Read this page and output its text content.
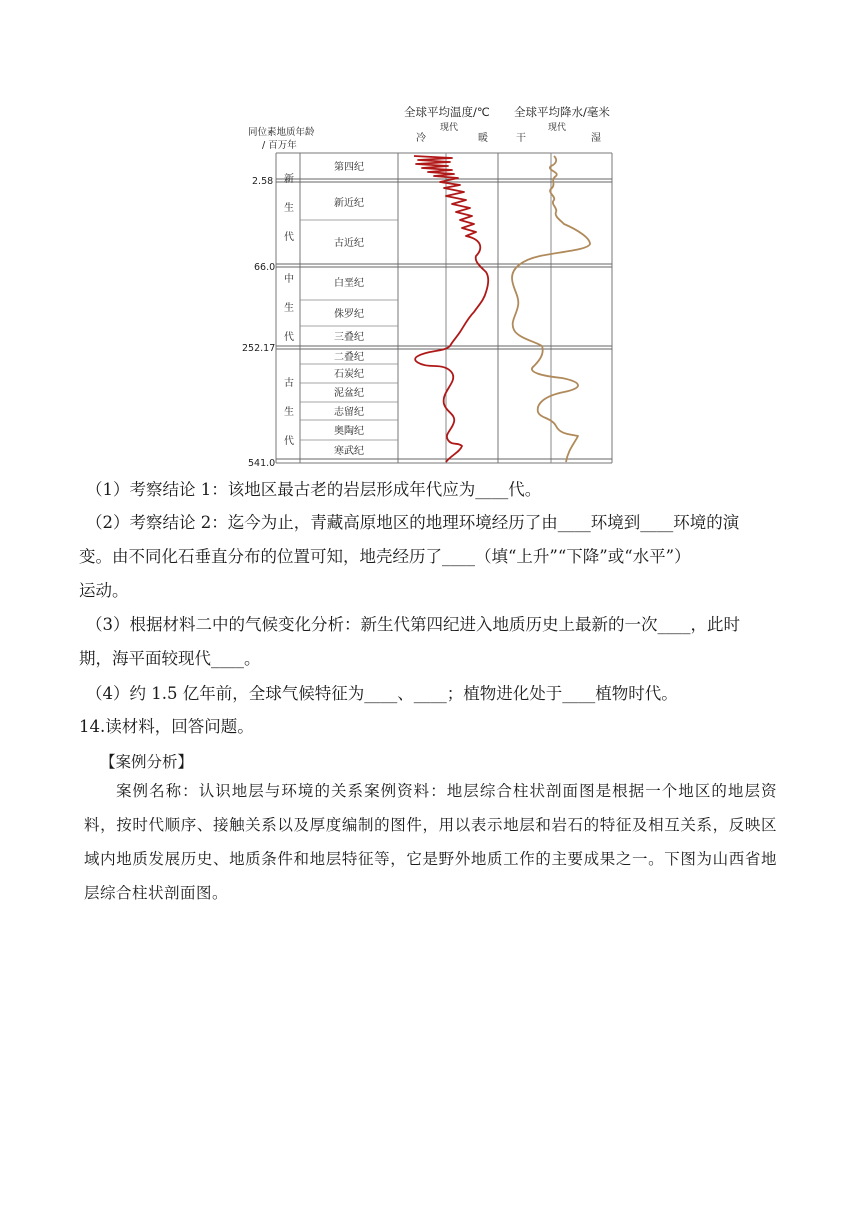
全球平均温度/℃
冷
现代
暖
全球平均降水/毫米
干
现代
湿
同位素地质年龄
/ 百万年
2.58
66.0
252.17
541.0
新
生
代
中
生
代
古
生
代
第四纪
新近纪
古近纪
白垩纪
侏罗纪
三叠纪
二叠纪
石炭纪
泥盆纪
志留纪
奥陶纪
寒武纪
（1）考察结论 1：该地区最古老的岩层形成年代应为____代。
（2）考察结论 2：迄今为止，青藏高原地区的地理环境经历了由____环境到____环境的演
变。由不同化石垂直分布的位置可知，地壳经历了____（填“上升”“下降”或“水平”）
运动。
（3）根据材料二中的气候变化分析：新生代第四纪进入地质历史上最新的一次____，此时
期，海平面较现代____。
（4）约 1.5 亿年前，全球气候特征为____、____；植物进化处于____植物时代。
14.读材料，回答问题。
【案例分析】
案例名称：认识地层与环境的关系案例资料：地层综合柱状剖面图是根据一个地区的地层资料，按时代顺序、接触关系以及厚度编制的图件，用以表示地层和岩石的特征及相互关系，反映区域内地质发展历史、地质条件和地层特征等，它是野外地质工作的主要成果之一。下图为山西省地层综合柱状剖面图。
